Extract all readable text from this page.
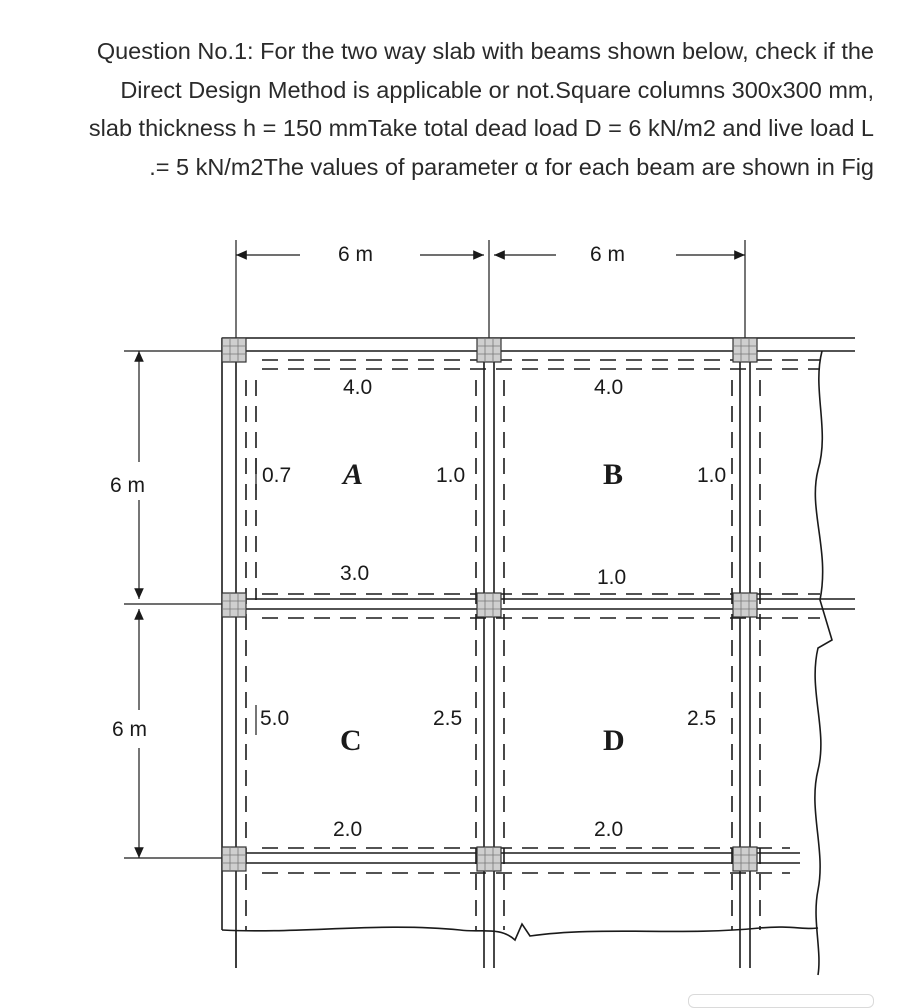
Question No.1: For the two way slab with beams shown below, check if the
Direct Design Method is applicable or not.Square columns 300x300 mm,
slab thickness h = 150 mmTake total dead load D = 6 kN/m2 and live load L
.= 5 kN/m2The values of parameter α for each beam are shown in Fig
6 m	6 m
6 m
6 m
4.0	4.0
0.7	1.0	1.0
3.0	1.0
5.0	2.5	2.5
2.0	2.0
A	B
C	D
